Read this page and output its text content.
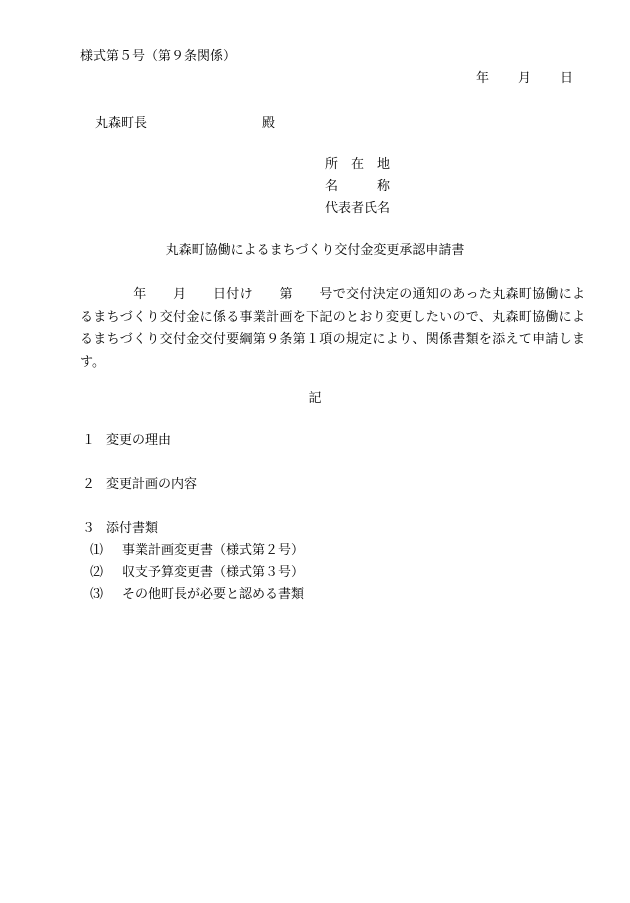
様式第５号（第９条関係）
年 月 日
丸森町長	殿
所　在　地
名　　　称
代表者氏名
丸森町協働によるまちづくり交付金変更承認申請書
　　　　年　　月　　日付け　　第　　号で交付決定の通知のあった丸森町協働によるまちづくり交付金に係る事業計画を下記のとおり変更したいので、丸森町協働によるまちづくり交付金交付要綱第９条第１項の規定により、関係書類を添えて申請します。
記
１ 変更の理由
２ 変更計画の内容
３ 添付書類
⑴ 事業計画変更書（様式第２号）
⑵ 収支予算変更書（様式第３号）
⑶ その他町長が必要と認める書類
